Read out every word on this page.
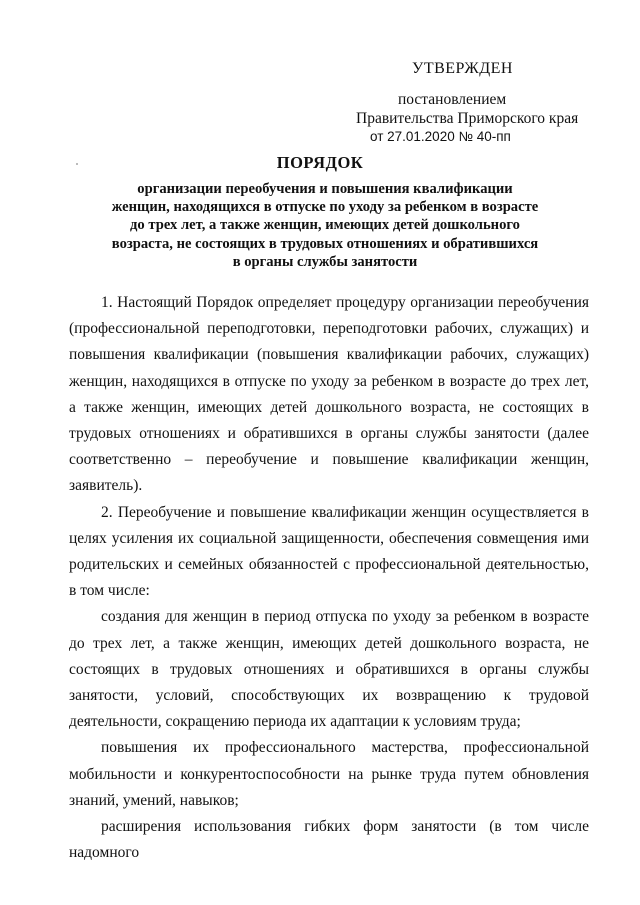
УТВЕРЖДЕН
постановлением
Правительства Приморского края
от 27.01.2020 № 40-пп
ПОРЯДОК
организации переобучения и повышения квалификации женщин, находящихся в отпуске по уходу за ребенком в возрасте до трех лет, а также женщин, имеющих детей дошкольного возраста, не состоящих в трудовых отношениях и обратившихся в органы службы занятости

1. Настоящий Порядок определяет процедуру организации переобучения (профессиональной переподготовки, переподготовки рабочих, служащих) и повышения квалификации (повышения квалификации рабочих, служащих) женщин, находящихся в отпуске по уходу за ребенком в возрасте до трех лет, а также женщин, имеющих детей дошкольного возраста, не состоящих в трудовых отношениях и обратившихся в органы службы занятости (далее соответственно – переобучение и повышение квалификации женщин, заявитель).

2. Переобучение и повышение квалификации женщин осуществляется в целях усиления их социальной защищенности, обеспечения совмещения ими родительских и семейных обязанностей с профессиональной деятельностью, в том числе:

создания для женщин в период отпуска по уходу за ребенком в возрасте до трех лет, а также женщин, имеющих детей дошкольного возраста, не состоящих в трудовых отношениях и обратившихся в органы службы занятости, условий, способствующих их возвращению к трудовой деятельности, сокращению периода их адаптации к условиям труда;

повышения их профессионального мастерства, профессиональной мобильности и конкурентоспособности на рынке труда путем обновления знаний, умений, навыков;

расширения использования гибких форм занятости (в том числе надомного
